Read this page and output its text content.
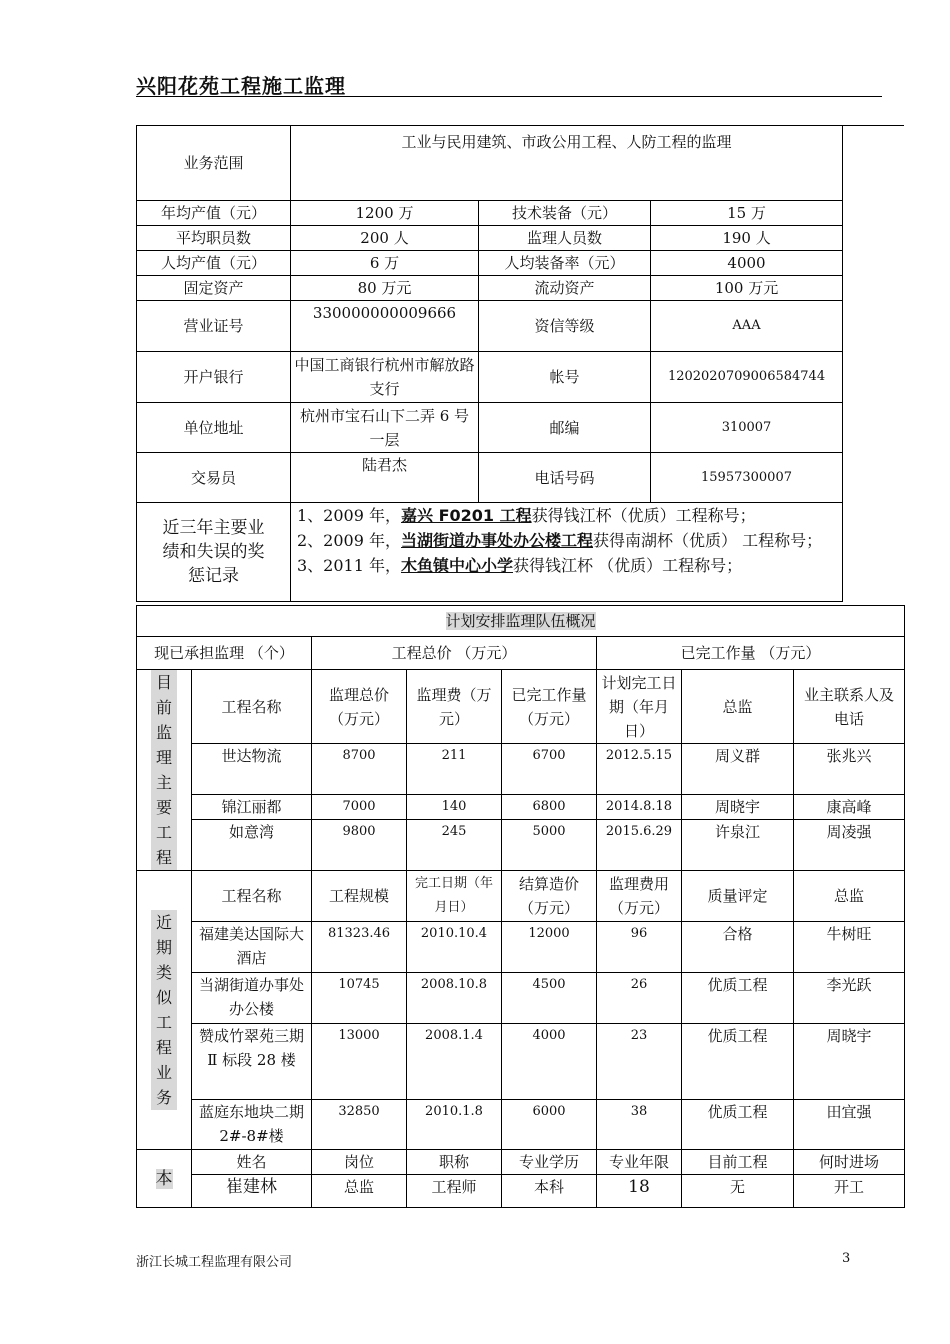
兴阳花苑工程施工监理
业务范围	工业与民用建筑、市政公用工程、人防工程的监理		
年均产值（元）	1200 万	技术装备（元）	15 万
平均职员数	200 人	监理人员数	190 人
人均产值（元）	6 万	人均装备率（元）	4000
固定资产	80 万元	流动资产	100 万元
营业证号	330000000009666	资信等级	AAA
开户银行	中国工商银行杭州市解放路支行	帐号	1202020709006584744
单位地址	杭州市宝石山下二弄 6 号一层	邮编	310007
交易员	陆君杰	电话号码	15957300007
近三年主要业绩和失误的奖惩记录	1、2009 年，嘉兴 F0201 工程获得钱江杯（优质）工程称号；
2、2009 年，当湖街道办事处办公楼工程获得南湖杯（优质） 工程称号；
3、2011 年，木鱼镇中心小学获得钱江杯 （优质）工程称号；		
计划安排监理队伍概况							
现已承担监理 （个）		工程总价 （万元）			已完工作量 （万元）		

目前监理主要工程	工程名称	监理总价（万元）	监理费（万元）	已完工作量（万元）	计划完工日期（年月日）	总监	业主联系人及电话
	世达物流	8700	211	6700	2012.5.15	周义群	张兆兴
	锦江丽都	7000	140	6800	2014.8.18	周晓宇	康高峰
	如意湾	9800	245	5000	2015.6.29	许泉江	周凌强

近期类似工程业务	工程名称	工程规模	完工日期（年月日）	结算造价（万元）	监理费用（万元）	质量评定	总监
	福建美达国际大酒店	81323.46	2010.10.4	12000	96	合格	牛树旺
	当湖街道办事处办公楼	10745	2008.10.8	4500	26	优质工程	李光跃
	赞成竹翠苑三期 Ⅱ 标段 28 楼	13000	2008.1.4	4000	23	优质工程	周晓宇
	蓝庭东地块二期 2#-8#楼	32850	2010.1.8	6000	38	优质工程	田宜强
本	姓名	岗位	职称	专业学历	专业年限	目前工程	何时进场
	崔建林	总监	工程师	本科	18	无	开工
浙江长城工程监理有限公司	3
